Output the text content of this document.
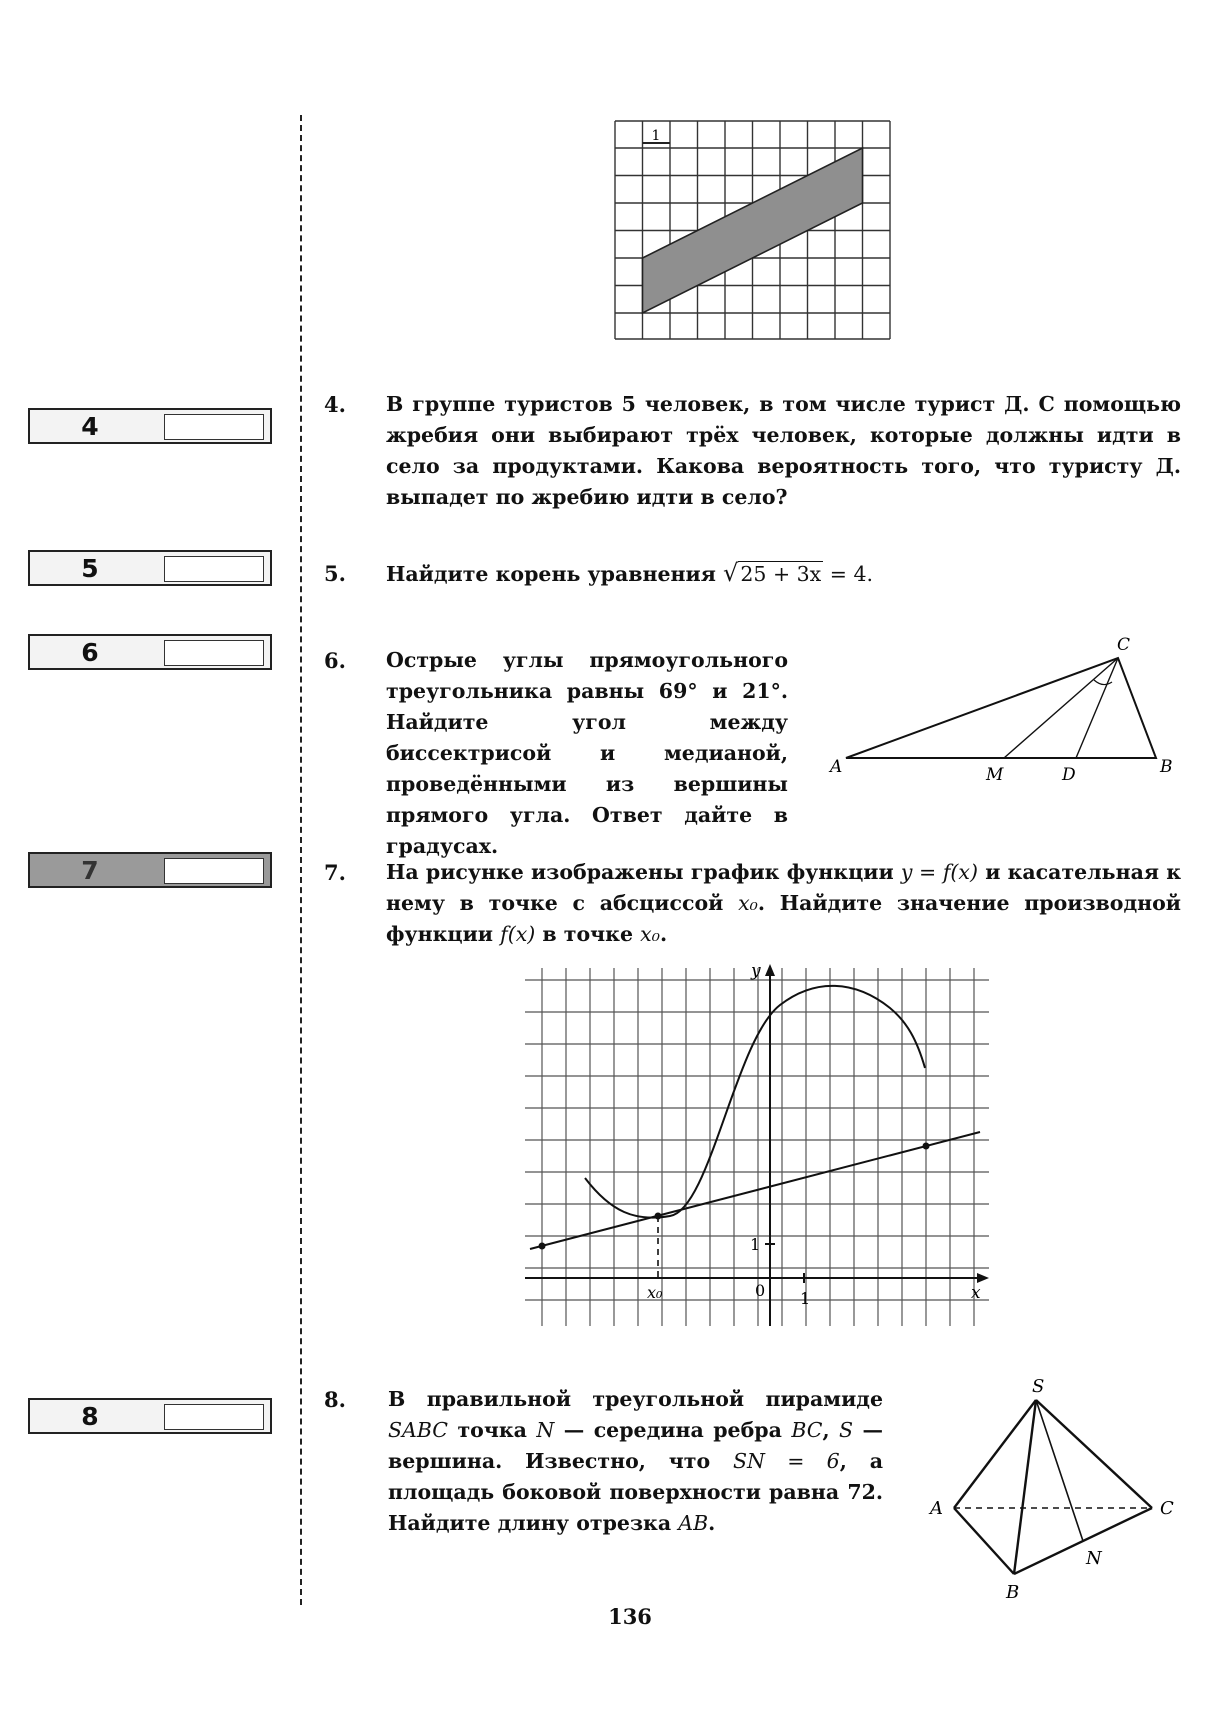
4
5
6
7
8
1
4. В группе туристов 5 человек, в том числе турист Д. С помощью жребия они выбирают трёх человек, которые должны идти в село за продуктами. Какова вероятность того, что туристу Д. выпадет по жребию идти в село?
5. Найдите корень уравнения √25 + 3x = 4.
6. Острые углы прямоугольного треугольника равны 69° и 21°. Найдите угол между биссектрисой и медианой, проведёнными из вершины прямого угла. Ответ дайте в градусах.
A	B
C
M	D
7. На рисунке изображены график функции y = f(x) и касательная к нему в точке с абсциссой x₀. Найдите значение производной функции f(x) в точке x₀.
y
x
x₀	0 1
1
8. В правильной треугольной пирамиде SABC точка N — середина ребра BC, S — вершина. Известно, что SN = 6, а площадь боковой поверхности равна 72. Найдите длину отрезка AB.
S
A
B
C
N
136
